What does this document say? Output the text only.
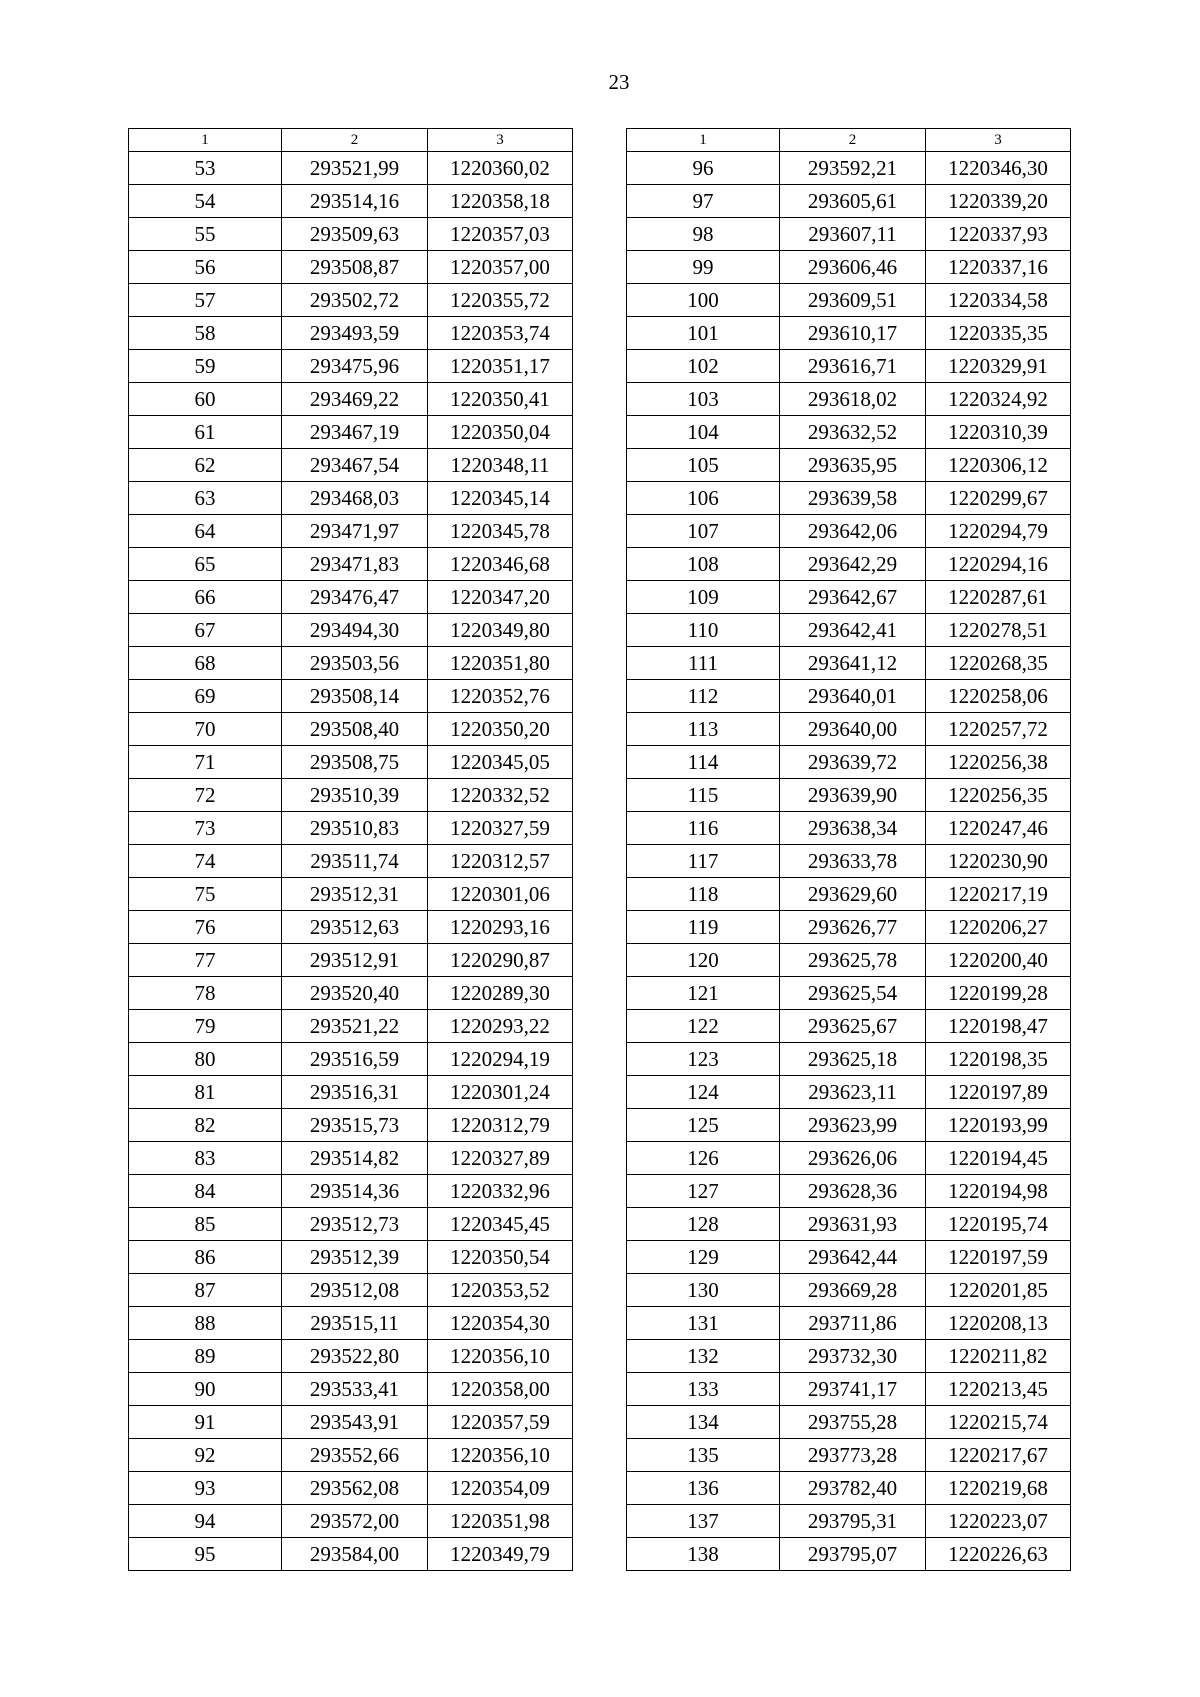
23
1	2	3
53	293521,99	1220360,02
54	293514,16	1220358,18
55	293509,63	1220357,03
56	293508,87	1220357,00
57	293502,72	1220355,72
58	293493,59	1220353,74
59	293475,96	1220351,17
60	293469,22	1220350,41
61	293467,19	1220350,04
62	293467,54	1220348,11
63	293468,03	1220345,14
64	293471,97	1220345,78
65	293471,83	1220346,68
66	293476,47	1220347,20
67	293494,30	1220349,80
68	293503,56	1220351,80
69	293508,14	1220352,76
70	293508,40	1220350,20
71	293508,75	1220345,05
72	293510,39	1220332,52
73	293510,83	1220327,59
74	293511,74	1220312,57
75	293512,31	1220301,06
76	293512,63	1220293,16
77	293512,91	1220290,87
78	293520,40	1220289,30
79	293521,22	1220293,22
80	293516,59	1220294,19
81	293516,31	1220301,24
82	293515,73	1220312,79
83	293514,82	1220327,89
84	293514,36	1220332,96
85	293512,73	1220345,45
86	293512,39	1220350,54
87	293512,08	1220353,52
88	293515,11	1220354,30
89	293522,80	1220356,10
90	293533,41	1220358,00
91	293543,91	1220357,59
92	293552,66	1220356,10
93	293562,08	1220354,09
94	293572,00	1220351,98
95	293584,00	1220349,79
1	2	3
96	293592,21	1220346,30
97	293605,61	1220339,20
98	293607,11	1220337,93
99	293606,46	1220337,16
100	293609,51	1220334,58
101	293610,17	1220335,35
102	293616,71	1220329,91
103	293618,02	1220324,92
104	293632,52	1220310,39
105	293635,95	1220306,12
106	293639,58	1220299,67
107	293642,06	1220294,79
108	293642,29	1220294,16
109	293642,67	1220287,61
110	293642,41	1220278,51
111	293641,12	1220268,35
112	293640,01	1220258,06
113	293640,00	1220257,72
114	293639,72	1220256,38
115	293639,90	1220256,35
116	293638,34	1220247,46
117	293633,78	1220230,90
118	293629,60	1220217,19
119	293626,77	1220206,27
120	293625,78	1220200,40
121	293625,54	1220199,28
122	293625,67	1220198,47
123	293625,18	1220198,35
124	293623,11	1220197,89
125	293623,99	1220193,99
126	293626,06	1220194,45
127	293628,36	1220194,98
128	293631,93	1220195,74
129	293642,44	1220197,59
130	293669,28	1220201,85
131	293711,86	1220208,13
132	293732,30	1220211,82
133	293741,17	1220213,45
134	293755,28	1220215,74
135	293773,28	1220217,67
136	293782,40	1220219,68
137	293795,31	1220223,07
138	293795,07	1220226,63
